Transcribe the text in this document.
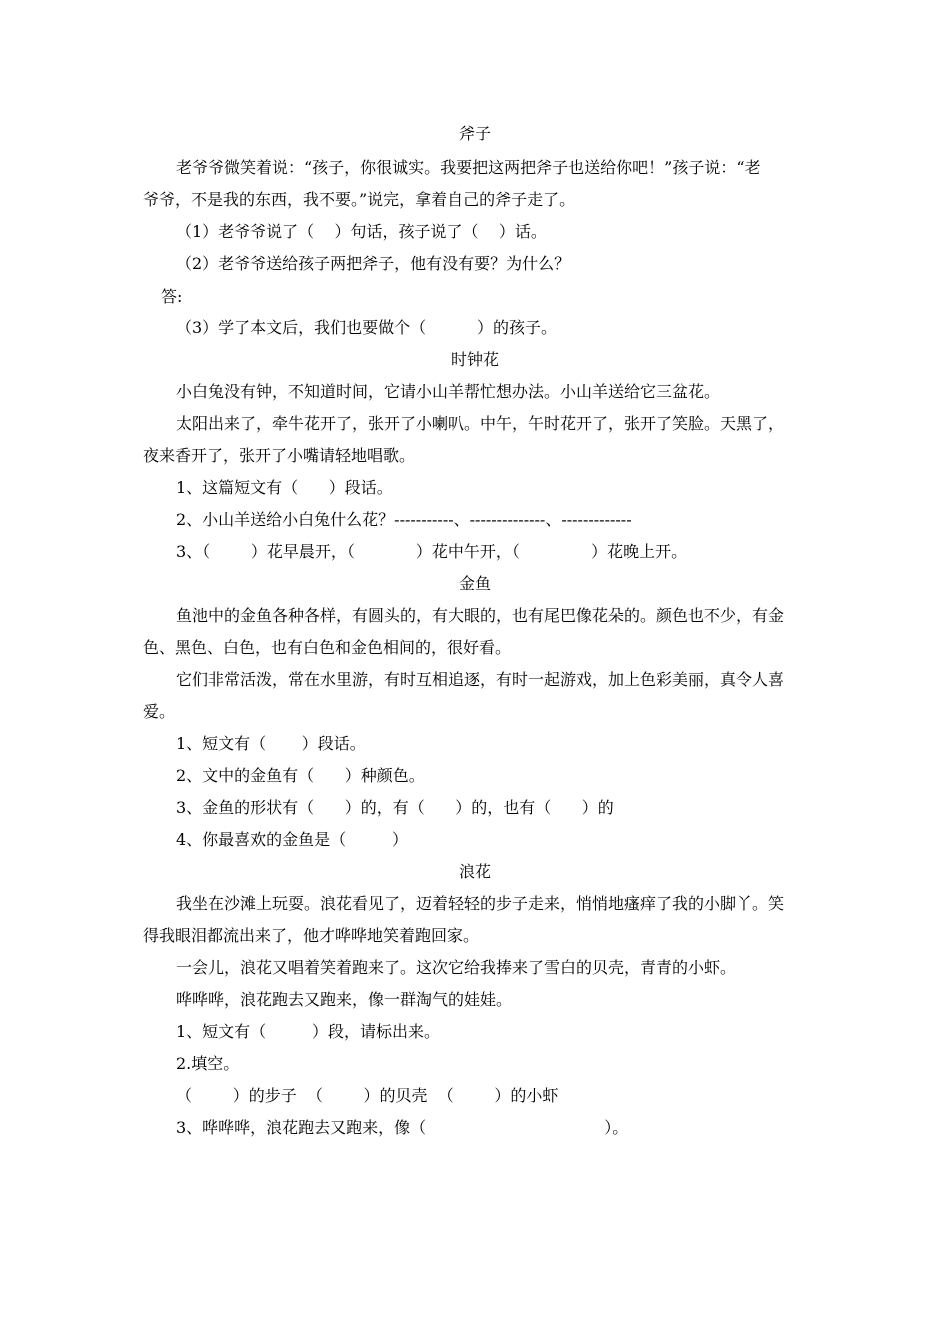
斧子
老爷爷微笑着说：“孩子，你很诚实。我要把这两把斧子也送给你吧！”孩子说：“老
爷爷，不是我的东西，我不要。”说完，拿着自己的斧子走了。
（1）老爷爷说了（    ）句话，孩子说了（    ）话。
（2）老爷爷送给孩子两把斧子，他有没有要？为什么？
答:
（3）学了本文后，我们也要做个（          ）的孩子。
时钟花
小白兔没有钟，不知道时间，它请小山羊帮忙想办法。小山羊送给它三盆花。
太阳出来了，牵牛花开了，张开了小喇叭。中午，午时花开了，张开了笑脸。天黑了，
夜来香开了，张开了小嘴请轻地唱歌。
1、这篇短文有（      ）段话。
2、小山羊送给小白兔什么花？-----------、--------------、-------------
3、（        ）花早晨开，（            ）花中午开，（              ）花晚上开。
金鱼
鱼池中的金鱼各种各样，有圆头的，有大眼的，也有尾巴像花朵的。颜色也不少，有金
色、黑色、白色，也有白色和金色相间的，很好看。
它们非常活泼，常在水里游，有时互相追逐，有时一起游戏，加上色彩美丽，真令人喜
爱。
1、短文有（       ）段话。
2、文中的金鱼有（      ）种颜色。
3、金鱼的形状有（      ）的，有（      ）的，也有（      ）的
4、你最喜欢的金鱼是（         ）
浪花
我坐在沙滩上玩耍。浪花看见了，迈着轻轻的步子走来，悄悄地瘙痒了我的小脚丫。笑
得我眼泪都流出来了，他才哗哗地笑着跑回家。
一会儿，浪花又唱着笑着跑来了。这次它给我捧来了雪白的贝壳，青青的小虾。
哗哗哗，浪花跑去又跑来，像一群淘气的娃娃。
1、短文有（         ）段，请标出来。
2.填空。
（        ）的步子  （        ）的贝壳  （        ）的小虾
3、哗哗哗，浪花跑去又跑来，像（                                   ）。
